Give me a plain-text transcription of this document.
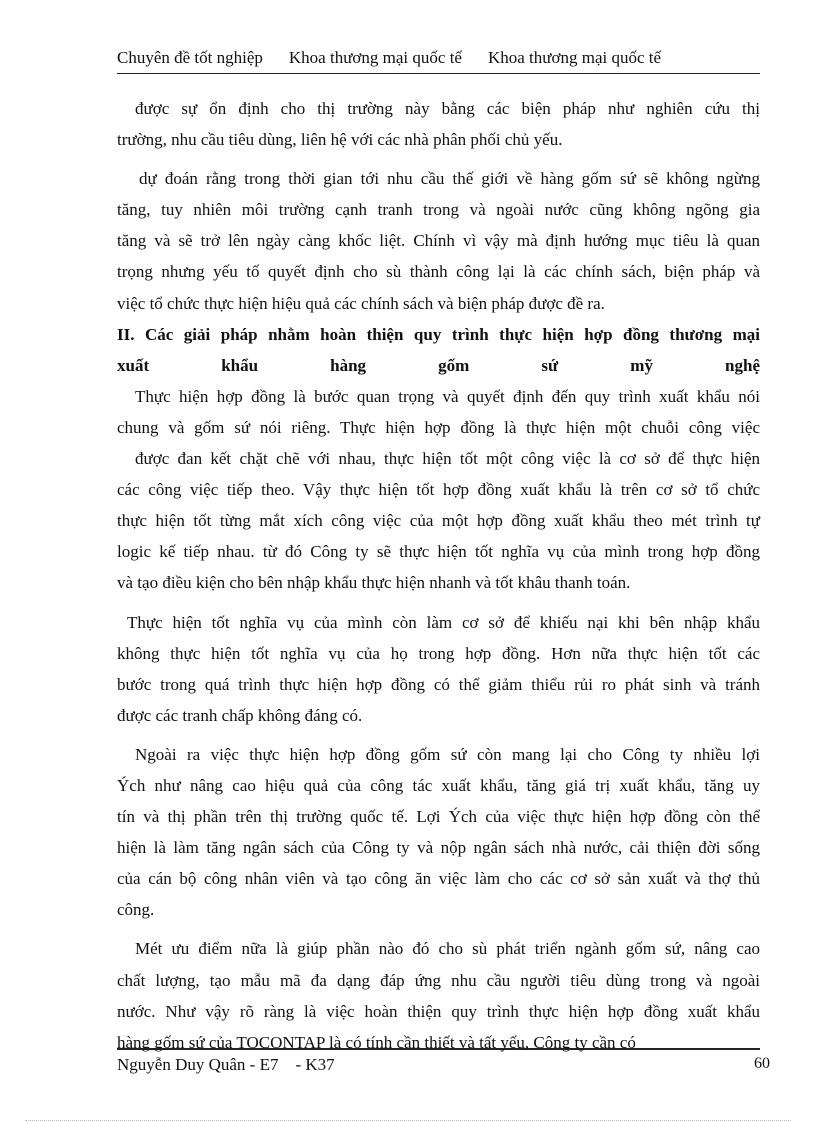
Chuyên đề tốt nghiệp Khoa thương mại quốc tế Khoa thương mại quốc tế
được sự ổn định cho thị trường này bằng các biện pháp như nghiên cứu thị
trường, nhu cầu tiêu dùng, liên hệ với các nhà phân phối chủ yếu.
dự đoán rằng trong thời gian tới nhu cầu thế giới về hàng gốm sứ sẽ không ngừng
tăng, tuy nhiên môi trường cạnh tranh trong và ngoài nước cũng không ngõng gia
tăng và sẽ trở lên ngày càng khốc liệt. Chính vì vậy mà định hướng mục tiêu là quan
trọng nhưng yếu tố quyết định cho sù thành công lại là các chính sách, biện pháp và
việc tổ chức thực hiện hiệu quả các chính sách và biện pháp được đề ra.
II. Các giải pháp nhằm hoàn thiện quy trình thực hiện hợp đồng thương mại
xuất khẩu hàng gốm sứ mỹ nghệ
Thực hiện hợp đồng là bước quan trọng và quyết định đến quy trình xuất khẩu nói
chung và gốm sứ nói riêng. Thực hiện hợp đồng là thực hiện một chuỗi công việc
được đan kết chặt chẽ với nhau, thực hiện tốt một công việc là cơ sở để thực hiện
các công việc tiếp theo. Vậy thực hiện tốt hợp đồng xuất khẩu là trên cơ sở tổ chức
thực hiện tốt từng mắt xích công việc của một hợp đồng xuất khẩu theo mét trình tự
logic kế tiếp nhau. từ đó Công ty sẽ thực hiện tốt nghĩa vụ của mình trong hợp đồng
và tạo điều kiện cho bên nhập khẩu thực hiện nhanh và tốt khâu thanh toán.
Thực hiện tốt nghĩa vụ của mình còn làm cơ sở để khiếu nại khi bên nhập khẩu
không thực hiện tốt nghĩa vụ của họ trong hợp đồng. Hơn nữa thực hiện tốt các
bước trong quá trình thực hiện hợp đồng có thể giảm thiểu rủi ro phát sinh và tránh
được các tranh chấp không đáng có.
Ngoài ra việc thực hiện hợp đồng gốm sứ còn mang lại cho Công ty nhiều lợi
Ých như nâng cao hiệu quả của công tác xuất khẩu, tăng giá trị xuất khẩu, tăng uy
tín và thị phần trên thị trường quốc tế. Lợi Ých của việc thực hiện hợp đồng còn thể
hiện là làm tăng ngân sách của Công ty và nộp ngân sách nhà nước, cải thiện đời sống
của cán bộ công nhân viên và tạo công ăn việc làm cho các cơ sở sản xuất và thợ thủ
công.
Mét ưu điểm nữa là giúp phần nào đó cho sù phát triển ngành gốm sứ, nâng cao
chất lượng, tạo mẫu mã đa dạng đáp ứng nhu cầu người tiêu dùng trong và ngoài
nước. Như vậy rõ ràng là việc hoàn thiện quy trình thực hiện hợp đồng xuất khẩu
hàng gốm sứ của TOCONTAP là có tính cần thiết và tất yếu, Công ty cần có
Nguyễn Duy Quân - E7    - K37	60
